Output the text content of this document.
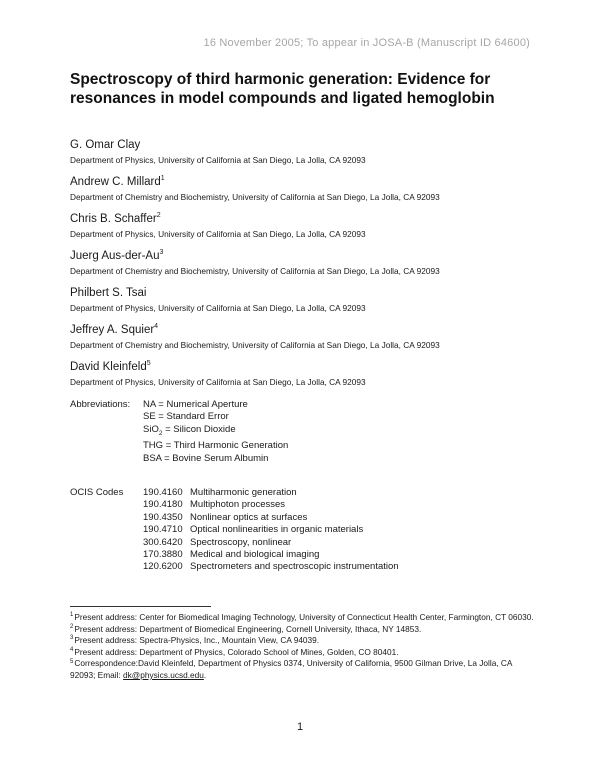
16 November 2005; To appear in JOSA-B (Manuscript ID 64600)
Spectroscopy of third harmonic generation: Evidence for
resonances in model compounds and ligated hemoglobin
G. Omar Clay
Department of Physics, University of California at San Diego, La Jolla, CA 92093
Andrew C. Millard$^1$
Department of Chemistry and Biochemistry, University of California at San Diego, La Jolla, CA 92093
Chris B. Schaffer$^2$
Department of Physics, University of California at San Diego, La Jolla, CA 92093
Juerg Aus-der-Au$^3$
Department of Chemistry and Biochemistry, University of California at San Diego, La Jolla, CA 92093
Philbert S. Tsai
Department of Physics, University of California at San Diego, La Jolla, CA 92093
Jeffrey A. Squier$^4$
Department of Chemistry and Biochemistry, University of California at San Diego, La Jolla, CA 92093
David Kleinfeld$^5$
Department of Physics, University of California at San Diego, La Jolla, CA 92093
Abbreviations:	NA = Numerical Aperture
SE = Standard Error
SiO$_2$ = Silicon Dioxide
THG = Third Harmonic Generation
BSA = Bovine Serum Albumin
OCIS Codes 190.4160 Multiharmonic generation
190.4180 Multiphoton processes
190.4350 Nonlinear optics at surfaces
190.4710 Optical nonlinearities in organic materials
300.6420 Spectroscopy, nonlinear
170.3880 Medical and biological imaging
120.6200 Spectrometers and spectroscopic instrumentation
$^1$Present address: Center for Biomedical Imaging Technology, University of Connecticut Health Center, Farmington, CT 06030.
$^2$Present address: Department of Biomedical Engineering, Cornell University, Ithaca, NY 14853.
$^3$Present address: Spectra-Physics, Inc., Mountain View, CA 94039.
$^4$Present address: Department of Physics, Colorado School of Mines, Golden, CO 80401.
$^5$Correspondence:David Kleinfeld, Department of Physics 0374, University of California, 9500 Gilman Drive, La Jolla, CA 92093; Email: dk@physics.ucsd.edu.
1
